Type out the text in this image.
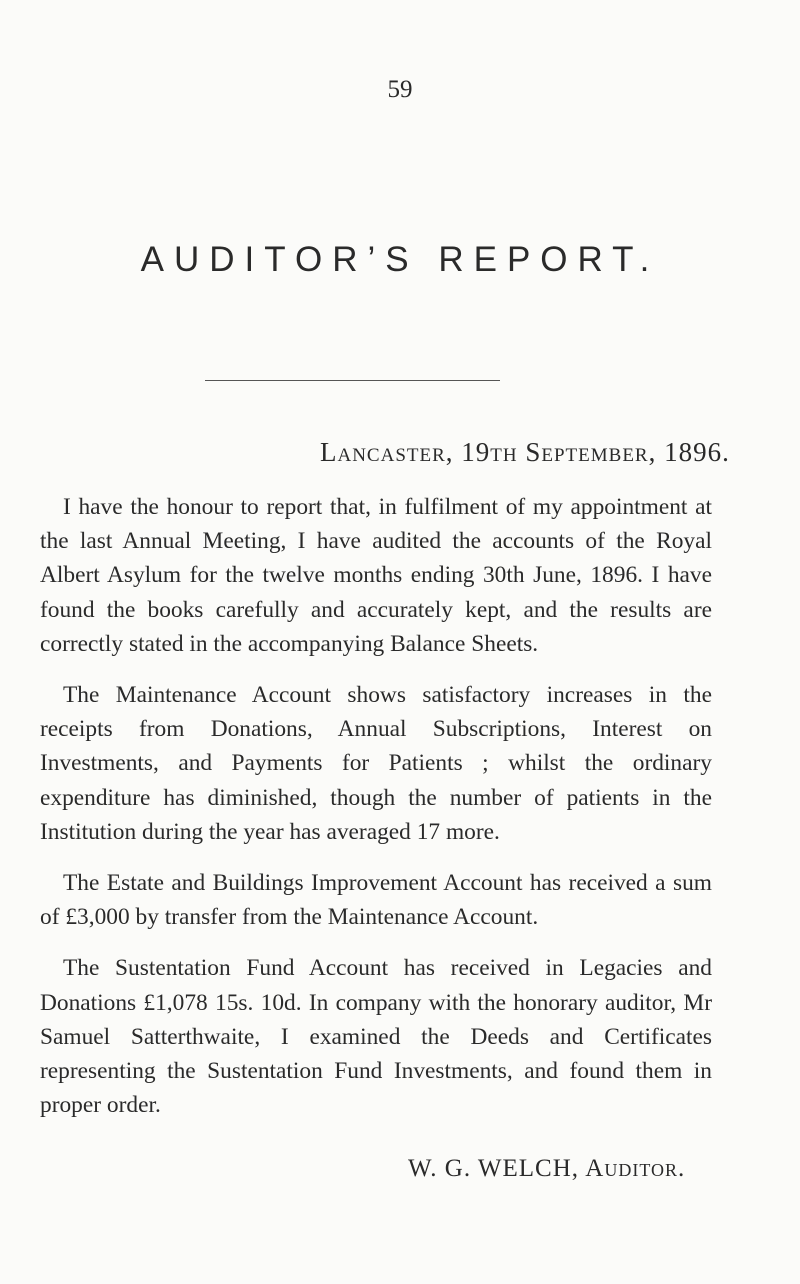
59
AUDITOR’S REPORT.
Lancaster, 19th September, 1896.

I have the honour to report that, in fulfilment of my appointment at the last Annual Meeting, I have audited the accounts of the Royal Albert Asylum for the twelve months ending 30th June, 1896. I have found the books carefully and accurately kept, and the results are correctly stated in the accompanying Balance Sheets.

The Maintenance Account shows satisfactory increases in the receipts from Donations, Annual Subscriptions, Interest on Investments, and Payments for Patients ; whilst the ordinary expenditure has diminished, though the number of patients in the Institution during the year has averaged 17 more.

The Estate and Buildings Improvement Account has received a sum of £3,000 by transfer from the Maintenance Account.

The Sustentation Fund Account has received in Legacies and Donations £1,078 15s. 10d. In company with the honorary auditor, Mr Samuel Satterthwaite, I examined the Deeds and Certificates representing the Sustentation Fund Investments, and found them in proper order.

W. G. WELCH, Auditor.
